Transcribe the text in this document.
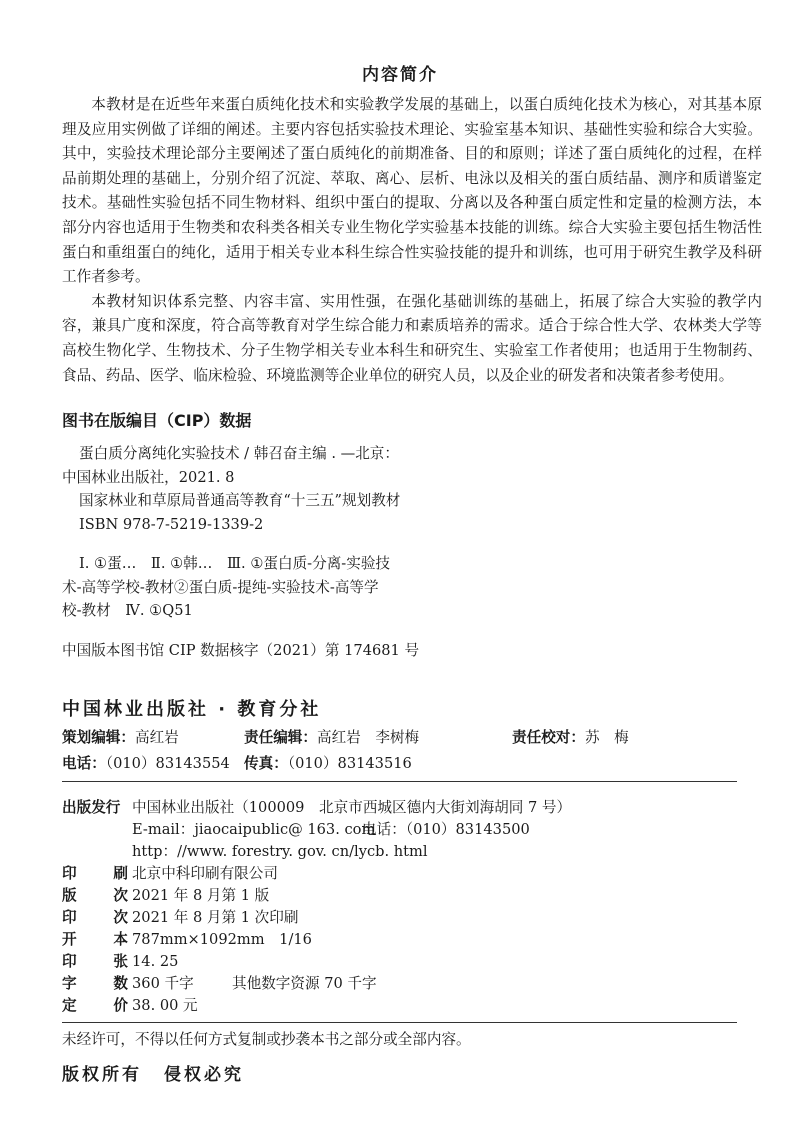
内容简介

本教材是在近些年来蛋白质纯化技术和实验教学发展的基础上，以蛋白质纯化技术为核心，对其基本原理及应用实例做了详细的阐述。主要内容包括实验技术理论、实验室基本知识、基础性实验和综合大实验。其中，实验技术理论部分主要阐述了蛋白质纯化的前期准备、目的和原则；详述了蛋白质纯化的过程，在样品前期处理的基础上，分别介绍了沉淀、萃取、离心、层析、电泳以及相关的蛋白质结晶、测序和质谱鉴定技术。基础性实验包括不同生物材料、组织中蛋白的提取、分离以及各种蛋白质定性和定量的检测方法，本部分内容也适用于生物类和农科类各相关专业生物化学实验基本技能的训练。综合大实验主要包括生物活性蛋白和重组蛋白的纯化，适用于相关专业本科生综合性实验技能的提升和训练，也可用于研究生教学及科研工作者参考。

本教材知识体系完整、内容丰富、实用性强，在强化基础训练的基础上，拓展了综合大实验的教学内容，兼具广度和深度，符合高等教育对学生综合能力和素质培养的需求。适合于综合性大学、农林类大学等高校生物化学、生物技术、分子生物学相关专业本科生和研究生、实验室工作者使用；也适用于生物制药、食品、药品、医学、临床检验、环境监测等企业单位的研究人员，以及企业的研发者和决策者参考使用。

图书在版编目（CIP）数据
蛋白质分离纯化实验技术 / 韩召奋主编 . —北京：
中国林业出版社，2021. 8
国家林业和草原局普通高等教育“十三五”规划教材
ISBN 978-7-5219-1339-2
Ⅰ. ①蛋…　Ⅱ. ①韩…　Ⅲ. ①蛋白质-分离-实验技
术-高等学校-教材②蛋白质-提纯-实验技术-高等学
校-教材　Ⅳ. ①Q51
中国版本图书馆 CIP 数据核字（2021）第 174681 号
中国林业出版社 · 教育分社
策划编辑：高红岩	责任编辑：高红岩　李树梅	责任校对：苏　梅
电话：（010）83143554 传真：（010）83143516
出版发行 中国林业出版社（100009　北京市西城区德内大街刘海胡同 7 号）
E-mail：jiaocaipublic@ 163. com
电话：（010）83143500
http：//www. forestry. gov. cn/lycb. html
印	刷 北京中科印刷有限公司
版	次 2021 年 8 月第 1 版
印	次 2021 年 8 月第 1 次印刷
开	本 787mm×1092mm　1/16
印	张 14. 25
字	数 360 千字	其他数字资源 70 千字
定	价 38. 00 元
未经许可，不得以任何方式复制或抄袭本书之部分或全部内容。
版权所有 侵权必究
